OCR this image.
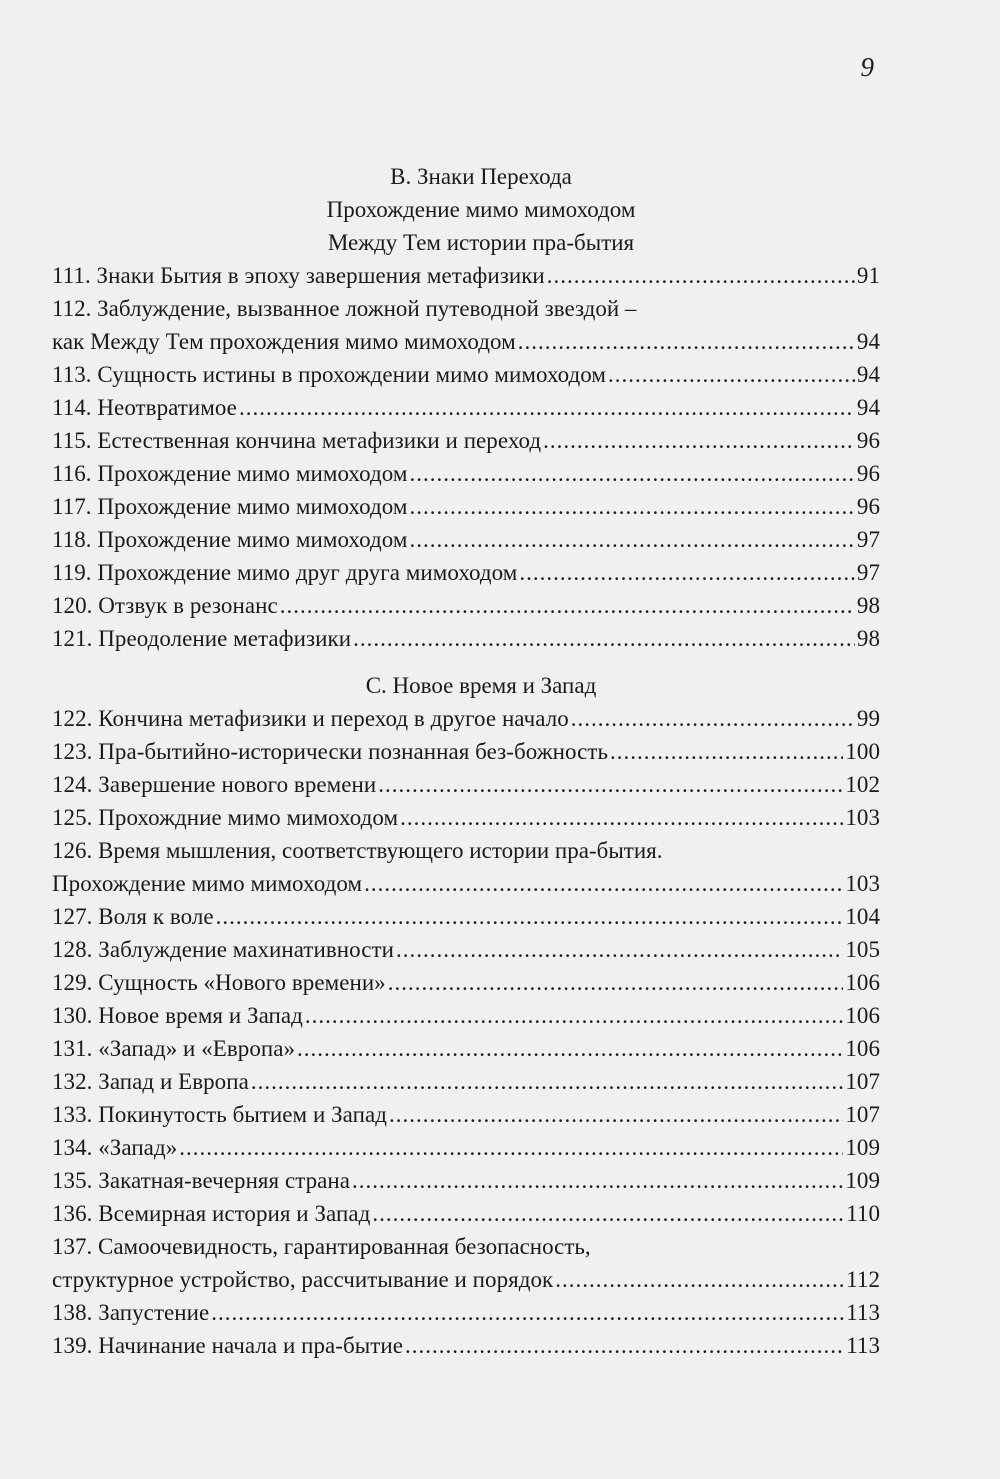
9
B. Знаки Перехода
Прохождение мимо мимоходом
Между Тем истории пра-бытия
111. Знаки Бытия в эпоху завершения метафизики .....	91
112. Заблуждение, вызванное ложной путеводной звездой –
как Между Тем прохождения мимо мимоходом .....	94
113. Сущность истины в прохождении мимо мимоходом .....	94
114. Неотвратимое .....	94
115. Естественная кончина метафизики и переход .....	96
116. Прохождение мимо мимоходом .....	96
117. Прохождение мимо мимоходом .....	96
118. Прохождение мимо мимоходом .....	97
119. Прохождение мимо друг друга мимоходом .....	97
120. Отзвук в резонанс .....	98
121. Преодоление метафизики .....	98
C. Новое время и Запад
122. Кончина метафизики и переход в другое начало .....	99
123. Пра-бытийно-исторически познанная без-божность .....	100
124. Завершение нового времени .....	102
125. Прохождние мимо мимоходом .....	103
126. Время мышления, соответствующего истории пра-бытия.
Прохождение мимо мимоходом .....	103
127. Воля к воле .....	104
128. Заблуждение махинативности .....	105
129. Сущность «Нового времени» .....	106
130. Новое время и Запад .....	106
131. «Запад» и «Европа» .....	106
132. Запад и Европа .....	107
133. Покинутость бытием и Запад .....	107
134. «Запад» .....	109
135. Закатная-вечерняя страна .....	109
136. Всемирная история и Запад .....	110
137. Самоочевидность, гарантированная безопасность,
структурное устройство, рассчитывание и порядок .....	112
138. Запустение .....	113
139. Начинание начала и пра-бытие .....	113
